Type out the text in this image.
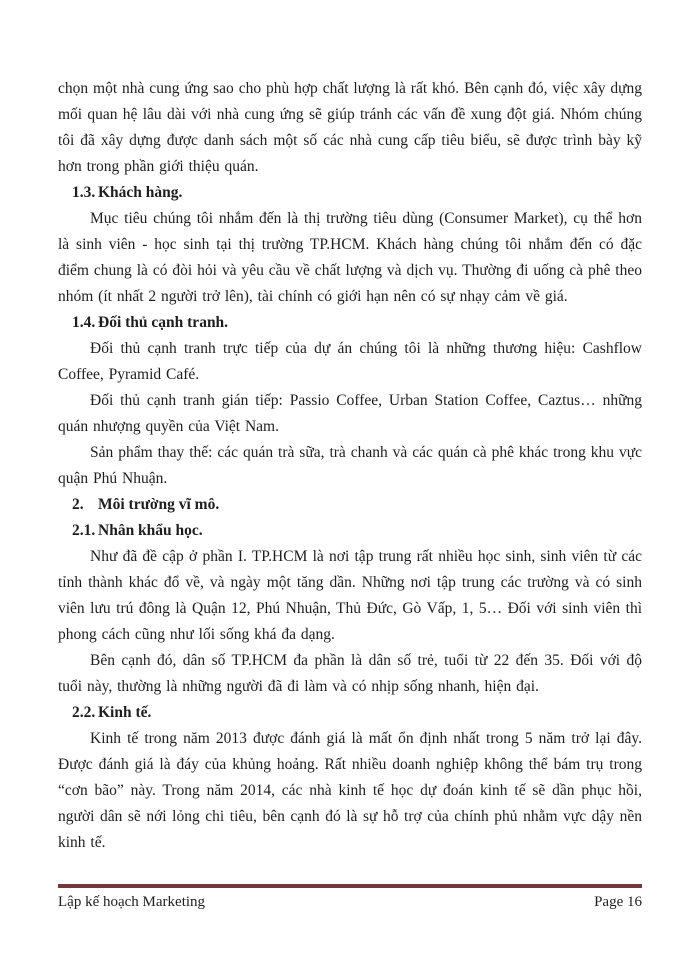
chọn một nhà cung ứng sao cho phù hợp chất lượng là rất khó. Bên cạnh đó, việc xây dựng mối quan hệ lâu dài với nhà cung ứng sẽ giúp tránh các vấn đề xung đột giá. Nhóm chúng tôi đã xây dựng được danh sách một số các nhà cung cấp tiêu biểu, sẽ được trình bày kỹ hơn trong phần giới thiệu quán.

1.3. Khách hàng.

Mục tiêu chúng tôi nhắm đến là thị trường tiêu dùng (Consumer Market), cụ thể hơn là sinh viên - học sinh tại thị trường TP.HCM. Khách hàng chúng tôi nhắm đến có đặc điểm chung là có đòi hỏi và yêu cầu về chất lượng và dịch vụ. Thường đi uống cà phê theo nhóm (ít nhất 2 người trở lên), tài chính có giới hạn nên có sự nhạy cảm về giá.

1.4. Đối thủ cạnh tranh.

Đối thủ cạnh tranh trực tiếp của dự án chúng tôi là những thương hiệu: Cashflow Coffee, Pyramid Café.

Đối thủ cạnh tranh gián tiếp: Passio Coffee, Urban Station Coffee, Caztus… những quán nhượng quyền của Việt Nam.

Sản phẩm thay thế: các quán trà sữa, trà chanh và các quán cà phê khác trong khu vực quận Phú Nhuận.

2. Môi trường vĩ mô.
2.1. Nhân khẩu học.

Như đã đề cập ở phần I. TP.HCM là nơi tập trung rất nhiều học sinh, sinh viên từ các tỉnh thành khác đổ về, và ngày một tăng dần. Những nơi tập trung các trường và có sinh viên lưu trú đông là Quận 12, Phú Nhuận, Thủ Đức, Gò Vấp, 1, 5… Đối với sinh viên thì phong cách cũng như lối sống khá đa dạng.

Bên cạnh đó, dân số TP.HCM đa phần là dân số trẻ, tuổi từ 22 đến 35. Đối với độ tuổi này, thường là những người đã đi làm và có nhịp sống nhanh, hiện đại.

2.2. Kinh tế.

Kinh tế trong năm 2013 được đánh giá là mất ổn định nhất trong 5 năm trở lại đây. Được đánh giá là đáy của khủng hoảng. Rất nhiều doanh nghiệp không thể bám trụ trong “cơn bão” này. Trong năm 2014, các nhà kinh tế học dự đoán kinh tế sẽ dần phục hồi, người dân sẽ nới lỏng chi tiêu, bên cạnh đó là sự hỗ trợ của chính phủ nhằm vực dậy nền kinh tế.

Lập kế hoạch Marketing	Page 16
